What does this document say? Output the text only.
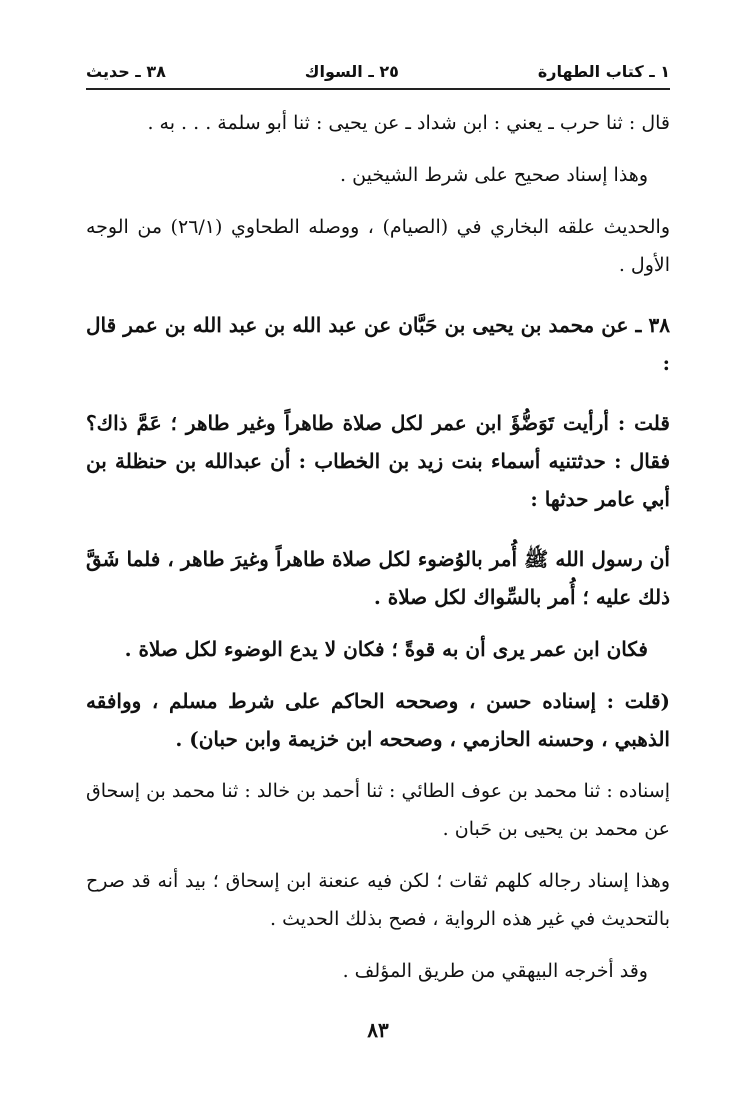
١ ـ كتاب الطهارة
٢٥ ـ السواك
٣٨ ـ حديث

قال : ثنا حرب ـ يعني : ابن شداد ـ عن يحيى : ثنا أبو سلمة . . . به .

وهذا إسناد صحيح على شرط الشيخين .

والحديث علقه البخاري في (الصيام) ، ووصله الطحاوي (٢٦/١) من الوجه الأول .

٣٨ ـ عن محمد بن يحيى بن حَبَّان عن عبد الله بن عبد الله بن عمر قال :

قلت : أرأيت تَوَضُّؤَ ابن عمر لكل صلاة طاهراً وغير طاهر ؛ عَمَّ ذاك؟ فقال : حدثتنيه أسماء بنت زيد بن الخطاب : أن عبدالله بن حنظلة بن أبي عامر حدثها :

أن رسول الله ﷺ أُمر بالوُضوء لكل صلاة طاهراً وغيرَ طاهر ، فلما شَقَّ ذلك عليه ؛ أُمر بالسِّواك لكل صلاة .

فكان ابن عمر يرى أن به قوةً ؛ فكان لا يدع الوضوء لكل صلاة .

(قلت : إسناده حسن ، وصححه الحاكم على شرط مسلم ، ووافقه الذهبي ، وحسنه الحازمي ، وصححه ابن خزيمة وابن حبان) .

إسناده : ثنا محمد بن عوف الطائي : ثنا أحمد بن خالد : ثنا محمد بن إسحاق عن محمد بن يحيى بن حَبان .

وهذا إسناد رجاله كلهم ثقات ؛ لكن فيه عنعنة ابن إسحاق ؛ بيد أنه قد صرح بالتحديث في غير هذه الرواية ، فصح بذلك الحديث .

وقد أخرجه البيهقي من طريق المؤلف .

٨٣
